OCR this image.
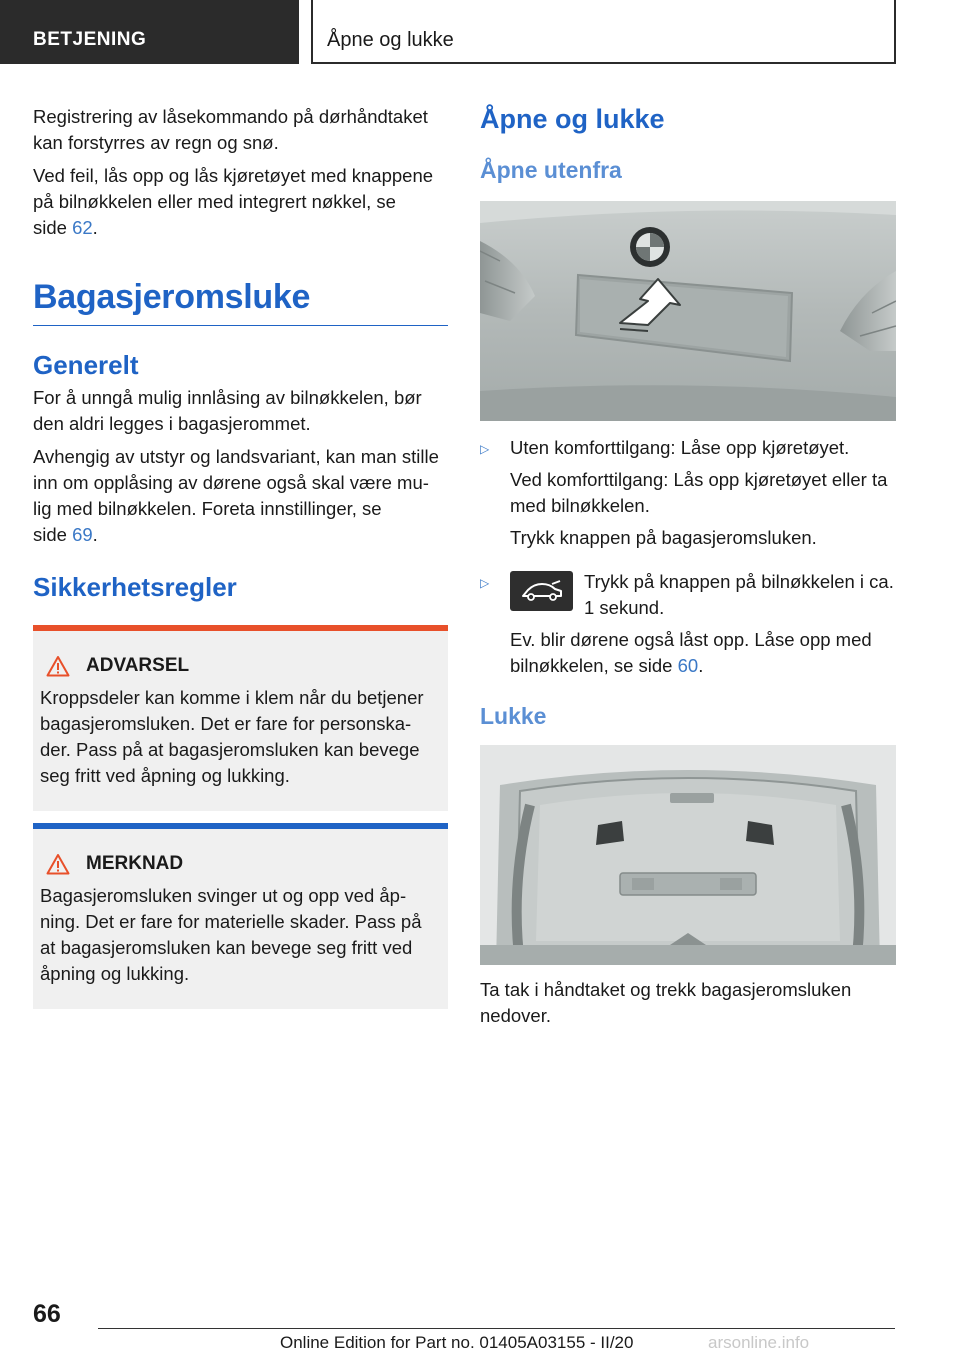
BETJENING	Åpne og lukke

Registrering av låsekommando på dørhåndtaket kan forstyrres av regn og snø.

Ved feil, lås opp og lås kjøretøyet med knappene på bilnøkkelen eller med integrert nøkkel, se side 62.

Bagasjeromsluke
Generelt

For å unngå mulig innlåsing av bilnøkkelen, bør den aldri legges i bagasjerommet.

Avhengig av utstyr og landsvariant, kan man stille inn om opplåsing av dørene også skal være mu- lig med bilnøkkelen. Foreta innstillinger, se side 69.

Sikkerhetsregler
ADVARSEL

Kroppsdeler kan komme i klem når du betjener bagasjeromsluken. Det er fare for personska- der. Pass på at bagasjeromsluken kan bevege seg fritt ved åpning og lukking.

MERKNAD

Bagasjeromsluken svinger ut og opp ved åp- ning. Det er fare for materielle skader. Pass på at bagasjeromsluken kan bevege seg fritt ved åpning og lukking.

Åpne og lukke
Åpne utenfra
▷	Uten komforttilgang: Låse opp kjøretøyet.

Ved komforttilgang: Lås opp kjøretøyet eller ta med bilnøkkelen.

Trykk knappen på bagasjeromsluken.

▷	Trykk på knappen på bilnøkkelen i ca. 1 sekund.

Ev. blir dørene også låst opp. Låse opp med bilnøkkelen, se side 60.

Lukke

Ta tak i håndtaket og trekk bagasjeromsluken nedover.

66
Online Edition for Part no. 01405A03155 - II/20	arsonline.info
